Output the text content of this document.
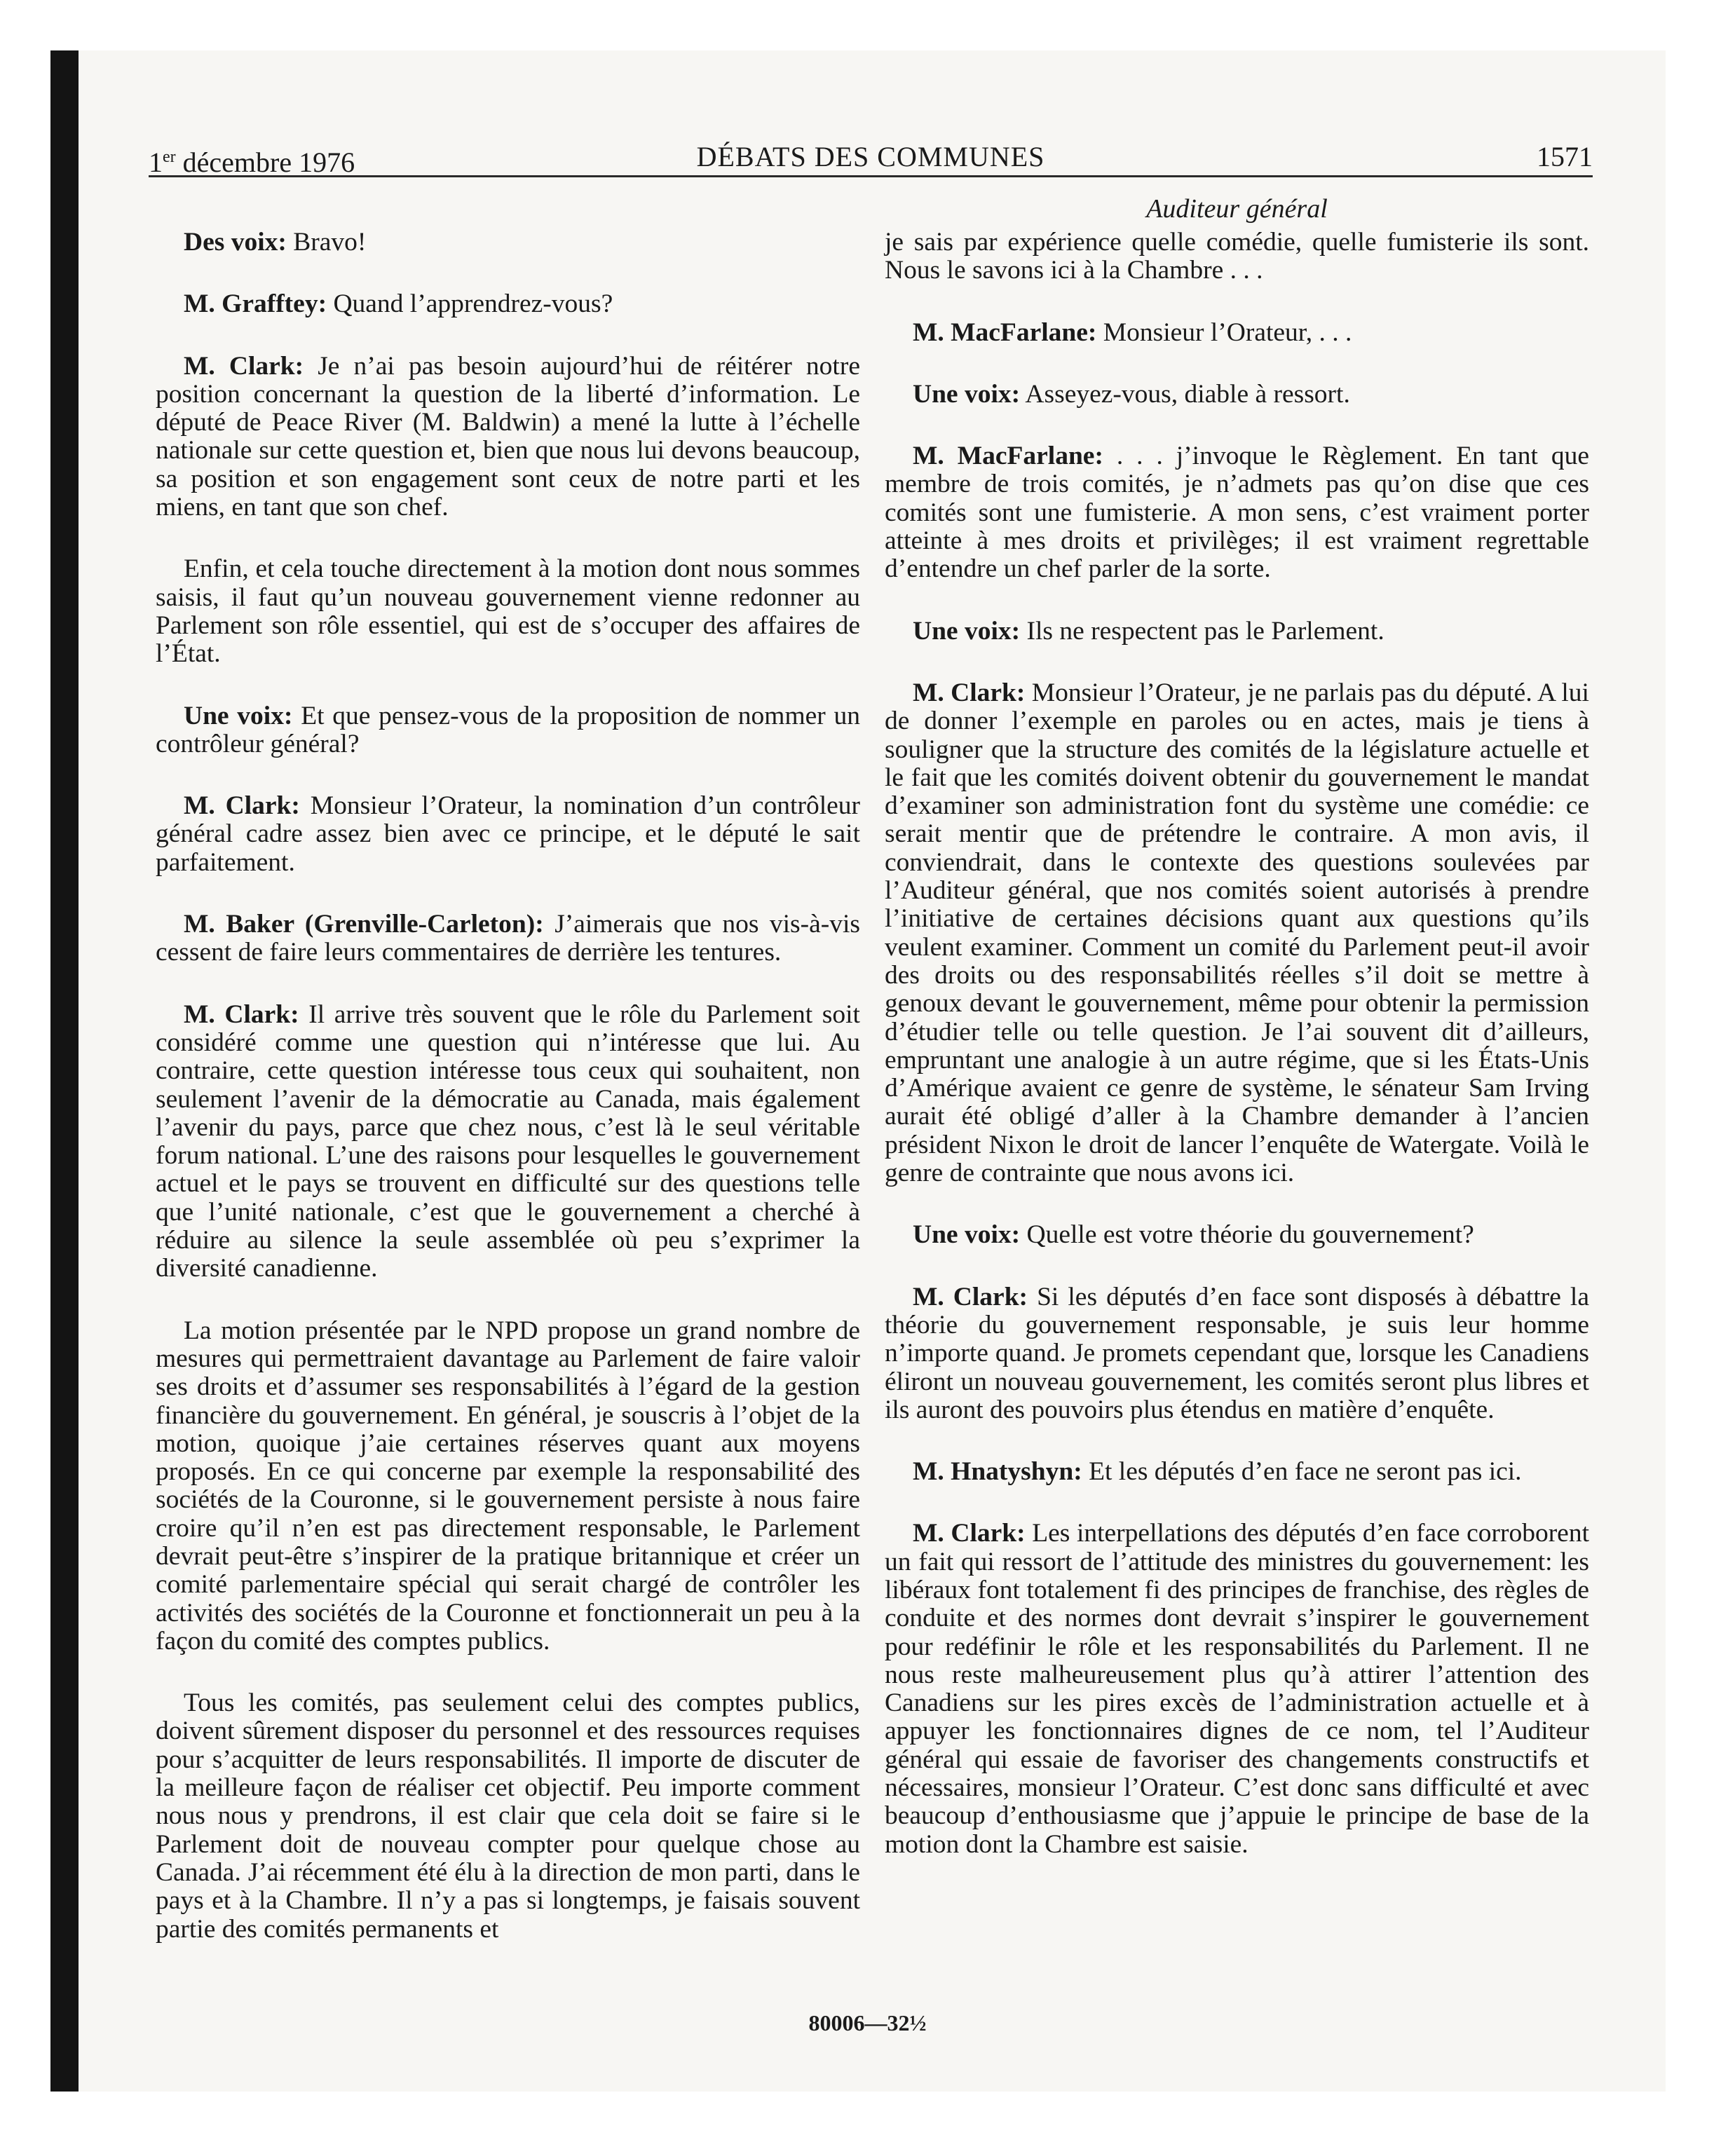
1er décembre 1976	DÉBATS DES COMMUNES	1571

Des voix: Bravo!

M. Grafftey: Quand l’apprendrez-vous?

M. Clark: Je n’ai pas besoin aujourd’hui de réitérer notre position concernant la question de la liberté d’information. Le député de Peace River (M. Baldwin) a mené la lutte à l’échelle nationale sur cette question et, bien que nous lui devons beaucoup, sa position et son engagement sont ceux de notre parti et les miens, en tant que son chef.

Enfin, et cela touche directement à la motion dont nous sommes saisis, il faut qu’un nouveau gouvernement vienne redonner au Parlement son rôle essentiel, qui est de s’occuper des affaires de l’État.

Une voix: Et que pensez-vous de la proposition de nommer un contrôleur général?

M. Clark: Monsieur l’Orateur, la nomination d’un contrôleur général cadre assez bien avec ce principe, et le député le sait parfaitement.

M. Baker (Grenville-Carleton): J’aimerais que nos vis-à-vis cessent de faire leurs commentaires de derrière les tentures.

M. Clark: Il arrive très souvent que le rôle du Parlement soit considéré comme une question qui n’intéresse que lui. Au contraire, cette question intéresse tous ceux qui souhaitent, non seulement l’avenir de la démocratie au Canada, mais également l’avenir du pays, parce que chez nous, c’est là le seul véritable forum national. L’une des raisons pour lesquelles le gouvernement actuel et le pays se trouvent en difficulté sur des questions telle que l’unité nationale, c’est que le gouvernement a cherché à réduire au silence la seule assemblée où peu s’exprimer la diversité canadienne.

La motion présentée par le NPD propose un grand nombre de mesures qui permettraient davantage au Parlement de faire valoir ses droits et d’assumer ses responsabilités à l’égard de la gestion financière du gouvernement. En général, je souscris à l’objet de la motion, quoique j’aie certaines réserves quant aux moyens proposés. En ce qui concerne par exemple la responsabilité des sociétés de la Couronne, si le gouvernement persiste à nous faire croire qu’il n’en est pas directement responsable, le Parlement devrait peut-être s’inspirer de la pratique britannique et créer un comité parlementaire spécial qui serait chargé de contrôler les activités des sociétés de la Couronne et fonctionnerait un peu à la façon du comité des comptes publics.

Tous les comités, pas seulement celui des comptes publics, doivent sûrement disposer du personnel et des ressources requises pour s’acquitter de leurs responsabilités. Il importe de discuter de la meilleure façon de réaliser cet objectif. Peu importe comment nous nous y prendrons, il est clair que cela doit se faire si le Parlement doit de nouveau compter pour quelque chose au Canada. J’ai récemment été élu à la direction de mon parti, dans le pays et à la Chambre. Il n’y a pas si longtemps, je faisais souvent partie des comités permanents et

Auditeur général

je sais par expérience quelle comédie, quelle fumisterie ils sont. Nous le savons ici à la Chambre . . .

M. MacFarlane: Monsieur l’Orateur, . . .

Une voix: Asseyez-vous, diable à ressort.

M. MacFarlane: . . . j’invoque le Règlement. En tant que membre de trois comités, je n’admets pas qu’on dise que ces comités sont une fumisterie. A mon sens, c’est vraiment porter atteinte à mes droits et privilèges; il est vraiment regrettable d’entendre un chef parler de la sorte.

Une voix: Ils ne respectent pas le Parlement.

M. Clark: Monsieur l’Orateur, je ne parlais pas du député. A lui de donner l’exemple en paroles ou en actes, mais je tiens à souligner que la structure des comités de la législature actuelle et le fait que les comités doivent obtenir du gouvernement le mandat d’examiner son administration font du système une comédie: ce serait mentir que de prétendre le contraire. A mon avis, il conviendrait, dans le contexte des questions soulevées par l’Auditeur général, que nos comités soient autorisés à prendre l’initiative de certaines décisions quant aux questions qu’ils veulent examiner. Comment un comité du Parlement peut-il avoir des droits ou des responsabilités réelles s’il doit se mettre à genoux devant le gouvernement, même pour obtenir la permission d’étudier telle ou telle question. Je l’ai souvent dit d’ailleurs, empruntant une analogie à un autre régime, que si les États-Unis d’Amérique avaient ce genre de système, le sénateur Sam Irving aurait été obligé d’aller à la Chambre demander à l’ancien président Nixon le droit de lancer l’enquête de Watergate. Voilà le genre de contrainte que nous avons ici.

Une voix: Quelle est votre théorie du gouvernement?

M. Clark: Si les députés d’en face sont disposés à débattre la théorie du gouvernement responsable, je suis leur homme n’importe quand. Je promets cependant que, lorsque les Canadiens éliront un nouveau gouvernement, les comités seront plus libres et ils auront des pouvoirs plus étendus en matière d’enquête.

M. Hnatyshyn: Et les députés d’en face ne seront pas ici.

M. Clark: Les interpellations des députés d’en face corroborent un fait qui ressort de l’attitude des ministres du gouvernement: les libéraux font totalement fi des principes de franchise, des règles de conduite et des normes dont devrait s’inspirer le gouvernement pour redéfinir le rôle et les responsabilités du Parlement. Il ne nous reste malheureusement plus qu’à attirer l’attention des Canadiens sur les pires excès de l’administration actuelle et à appuyer les fonctionnaires dignes de ce nom, tel l’Auditeur général qui essaie de favoriser des changements constructifs et nécessaires, monsieur l’Orateur. C’est donc sans difficulté et avec beaucoup d’enthousiasme que j’appuie le principe de base de la motion dont la Chambre est saisie.

80006—32½
